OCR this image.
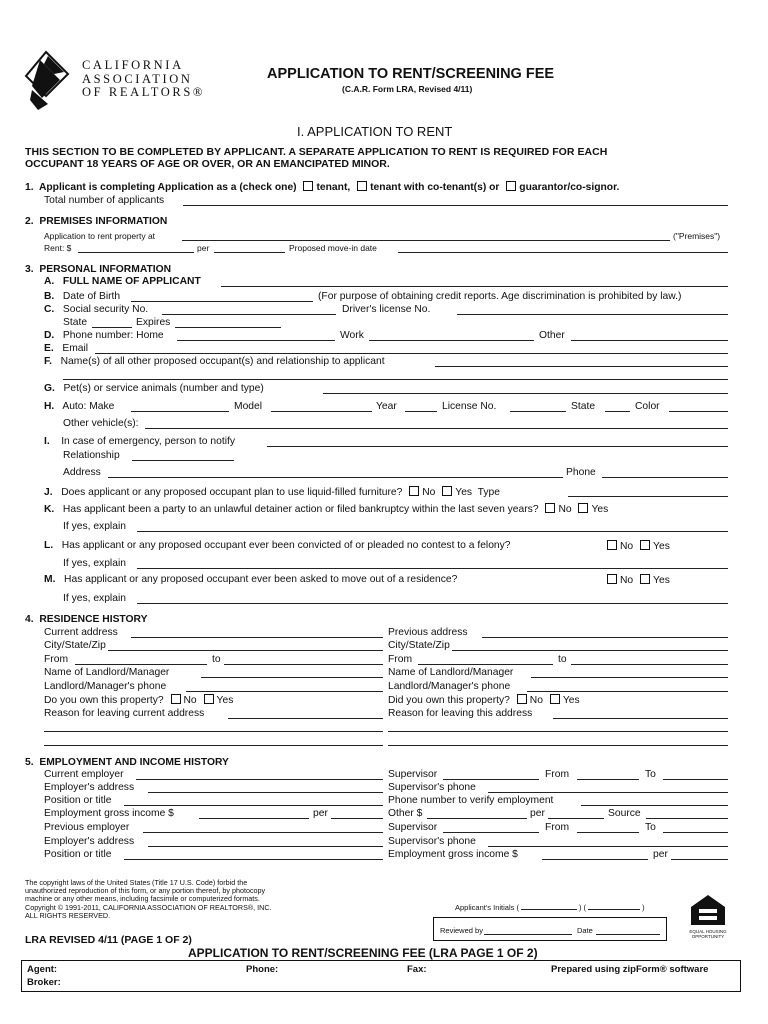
CALIFORNIA
ASSOCIATION
OF REALTORS®
APPLICATION TO RENT/SCREENING FEE
(C.A.R. Form LRA, Revised 4/11)
I. APPLICATION TO RENT
THIS SECTION TO BE COMPLETED BY APPLICANT. A SEPARATE APPLICATION TO RENT IS REQUIRED FOR EACH
OCCUPANT 18 YEARS OF AGE OR OVER, OR AN EMANCIPATED MINOR.
1. Applicant is completing Application as a (check one) tenant, tenant with co-tenant(s) or guarantor/co-signor.
Total number of applicants
2. PREMISES INFORMATION
Application to rent property at	("Premises")
Rent: $	per	Proposed move-in date
3. PERSONAL INFORMATION
A. FULL NAME OF APPLICANT
B. Date of Birth	(For purpose of obtaining credit reports. Age discrimination is prohibited by law.)
C. Social security No.	Driver's license No.
State	Expires
D. Phone number: Home	Work	Other
E. Email
F. Name(s) of all other proposed occupant(s) and relationship to applicant
G. Pet(s) or service animals (number and type)
H. Auto: Make	Model	Year	License No.	State	Color
Other vehicle(s):
I. In case of emergency, person to notify
Relationship
Address	Phone
J. Does applicant or any proposed occupant plan to use liquid-filled furniture? No Yes Type
K. Has applicant been a party to an unlawful detainer action or filed bankruptcy within the last seven years? No Yes
If yes, explain
L. Has applicant or any proposed occupant ever been convicted of or pleaded no contest to a felony?	No Yes
If yes, explain
M. Has applicant or any proposed occupant ever been asked to move out of a residence?	No Yes
If yes, explain
4. RESIDENCE HISTORY
Current address	Previous address
City/State/Zip	City/State/Zip
From	to	From	to
Name of Landlord/Manager	Name of Landlord/Manager
Landlord/Manager's phone	Landlord/Manager's phone
Do you own this property? No Yes	Did you own this property? No Yes
Reason for leaving current address	Reason for leaving this address
5. EMPLOYMENT AND INCOME HISTORY
Current employer	Supervisor	From	To
Employer's address	Supervisor's phone
Position or title	Phone number to verify employment
Employment gross income $	per	Other $	per	Source
Previous employer	Supervisor	From	To
Employer's address	Supervisor's phone
Position or title	Employment gross income $	per
The copyright laws of the United States (Title 17 U.S. Code) forbid the
unauthorized reproduction of this form, or any portion thereof, by photocopy
machine or any other means, including facsimile or computerized formats.
Copyright © 1991-2011, CALIFORNIA ASSOCIATION OF REALTORS®, INC.
ALL RIGHTS RESERVED.
LRA REVISED 4/11 (PAGE 1 OF 2)
Applicant's Initials (	) (	)
Reviewed by	Date	EQUAL HOUSING OPPORTUNITY
APPLICATION TO RENT/SCREENING FEE (LRA PAGE 1 OF 2)
Agent:
Broker:
Phone:	Fax:	Prepared using zipForm® software
